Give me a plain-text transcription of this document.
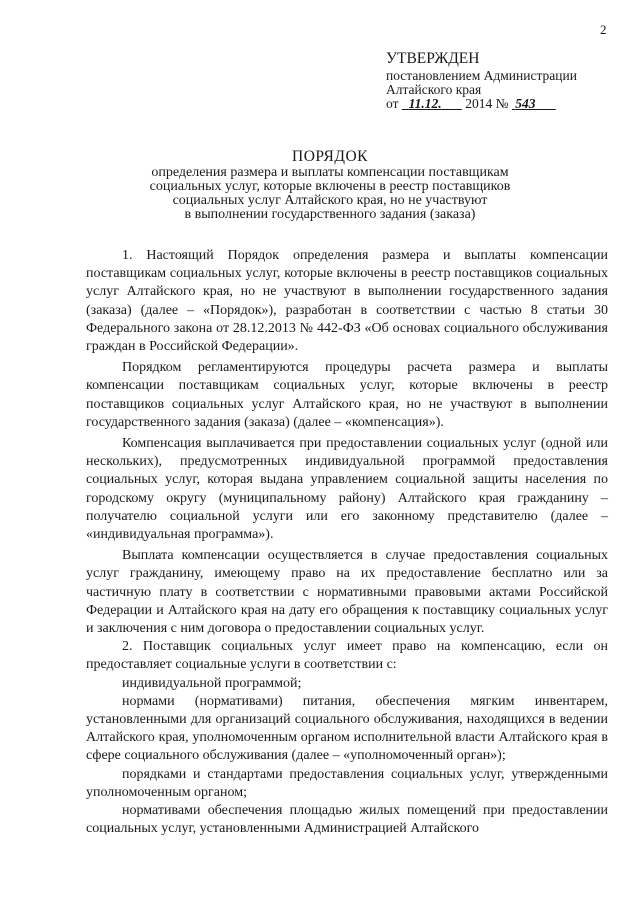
2
УТВЕРЖДЕН
постановлением Администрации
Алтайского края
от 11.12. 2014 № 543
ПОРЯДОК
определения размера и выплаты компенсации поставщикам
социальных услуг, которые включены в реестр поставщиков
социальных услуг Алтайского края, но не участвуют
в выполнении государственного задания (заказа)

1. Настоящий Порядок определения размера и выплаты компенсации поставщикам социальных услуг, которые включены в реестр поставщиков социальных услуг Алтайского края, но не участвуют в выполнении государственного задания (заказа) (далее – «Порядок»), разработан в соответствии с частью 8 статьи 30 Федерального закона от 28.12.2013 № 442-ФЗ «Об основах социального обслуживания граждан в Российской Федерации».

Порядком регламентируются процедуры расчета размера и выплаты компенсации поставщикам социальных услуг, которые включены в реестр поставщиков социальных услуг Алтайского края, но не участвуют в выполнении государственного задания (заказа) (далее – «компенсация»).

Компенсация выплачивается при предоставлении социальных услуг (одной или нескольких), предусмотренных индивидуальной программой предоставления социальных услуг, которая выдана управлением социальной защиты населения по городскому округу (муниципальному району) Алтайского края гражданину – получателю социальной услуги или его законному представителю (далее – «индивидуальная программа»).

Выплата компенсации осуществляется в случае предоставления социальных услуг гражданину, имеющему право на их предоставление бесплатно или за частичную плату в соответствии с нормативными правовыми актами Российской Федерации и Алтайского края на дату его обращения к поставщику социальных услуг и заключения с ним договора о предоставлении социальных услуг.

2. Поставщик социальных услуг имеет право на компенсацию, если он предоставляет социальные услуги в соответствии с:

индивидуальной программой;

нормами (нормативами) питания, обеспечения мягким инвентарем, установленными для организаций социального обслуживания, находящихся в ведении Алтайского края, уполномоченным органом исполнительной власти Алтайского края в сфере социального обслуживания (далее – «уполномоченный орган»);

порядками и стандартами предоставления социальных услуг, утвержденными уполномоченным органом;

нормативами обеспечения площадью жилых помещений при предоставлении социальных услуг, установленными Администрацией Алтайского
